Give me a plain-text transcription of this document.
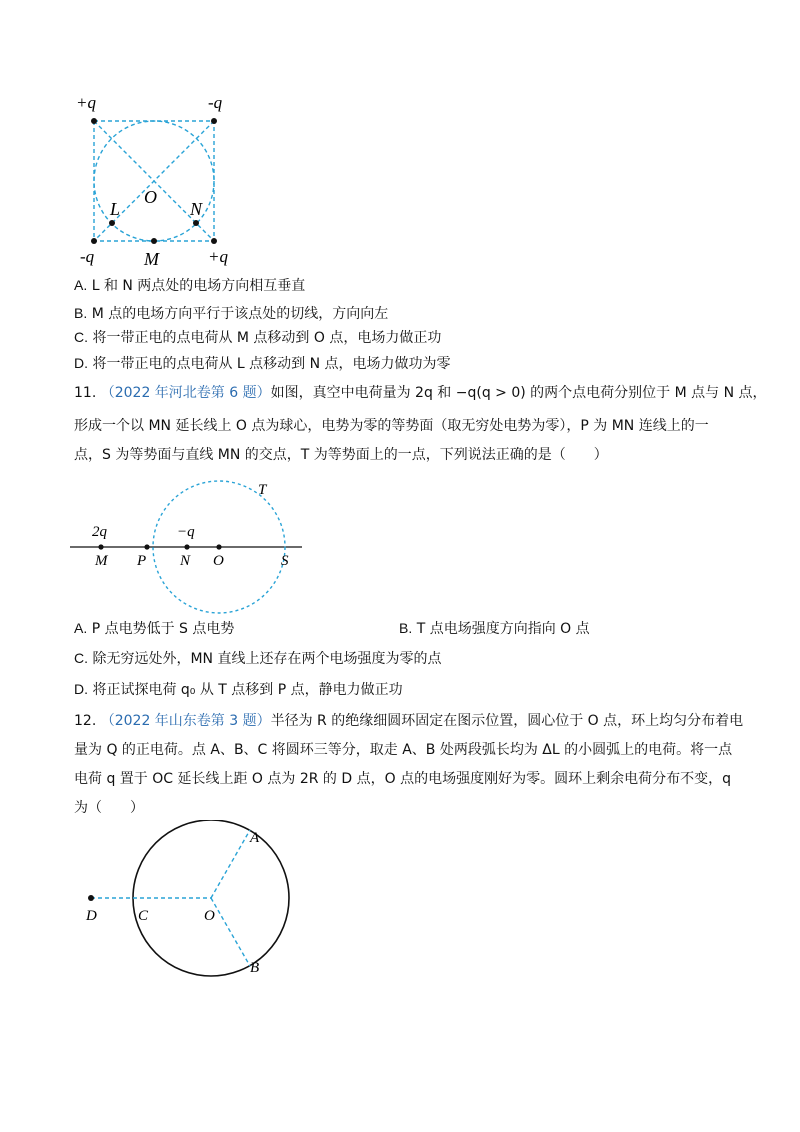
+q	-q
-q	+q
O
L	N
M
A. L 和 N 两点处的电场方向相互垂直
B. M 点的电场方向平行于该点处的切线，方向向左
C. 将一带正电的点电荷从 M 点移动到 O 点，电场力做正功
D. 将一带正电的点电荷从 L 点移动到 N 点，电场力做功为零
11. （2022 年河北卷第 6 题）如图，真空中电荷量为 2q 和 −q(q > 0) 的两个点电荷分别位于 M 点与 N 点，
形成一个以 MN 延长线上 O 点为球心，电势为零的等势面（取无穷处电势为零），P 为 MN 连线上的一
点，S 为等势面与直线 MN 的交点，T 为等势面上的一点，下列说法正确的是（　　）
2q	−q
M P N O	S
T
A. P 点电势低于 S 点电势	B. T 点电场强度方向指向 O 点
C. 除无穷远处外，MN 直线上还存在两个电场强度为零的点
D. 将正试探电荷 q₀ 从 T 点移到 P 点，静电力做正功
12. （2022 年山东卷第 3 题）半径为 R 的绝缘细圆环固定在图示位置，圆心位于 O 点，环上均匀分布着电
量为 Q 的正电荷。点 A、B、C 将圆环三等分，取走 A、B 处两段弧长均为 ΔL 的小圆弧上的电荷。将一点
电荷 q 置于 OC 延长线上距 O 点为 2R 的 D 点，O 点的电场强度刚好为零。圆环上剩余电荷分布不变，q
为（　　）
D	C	O
A
B
